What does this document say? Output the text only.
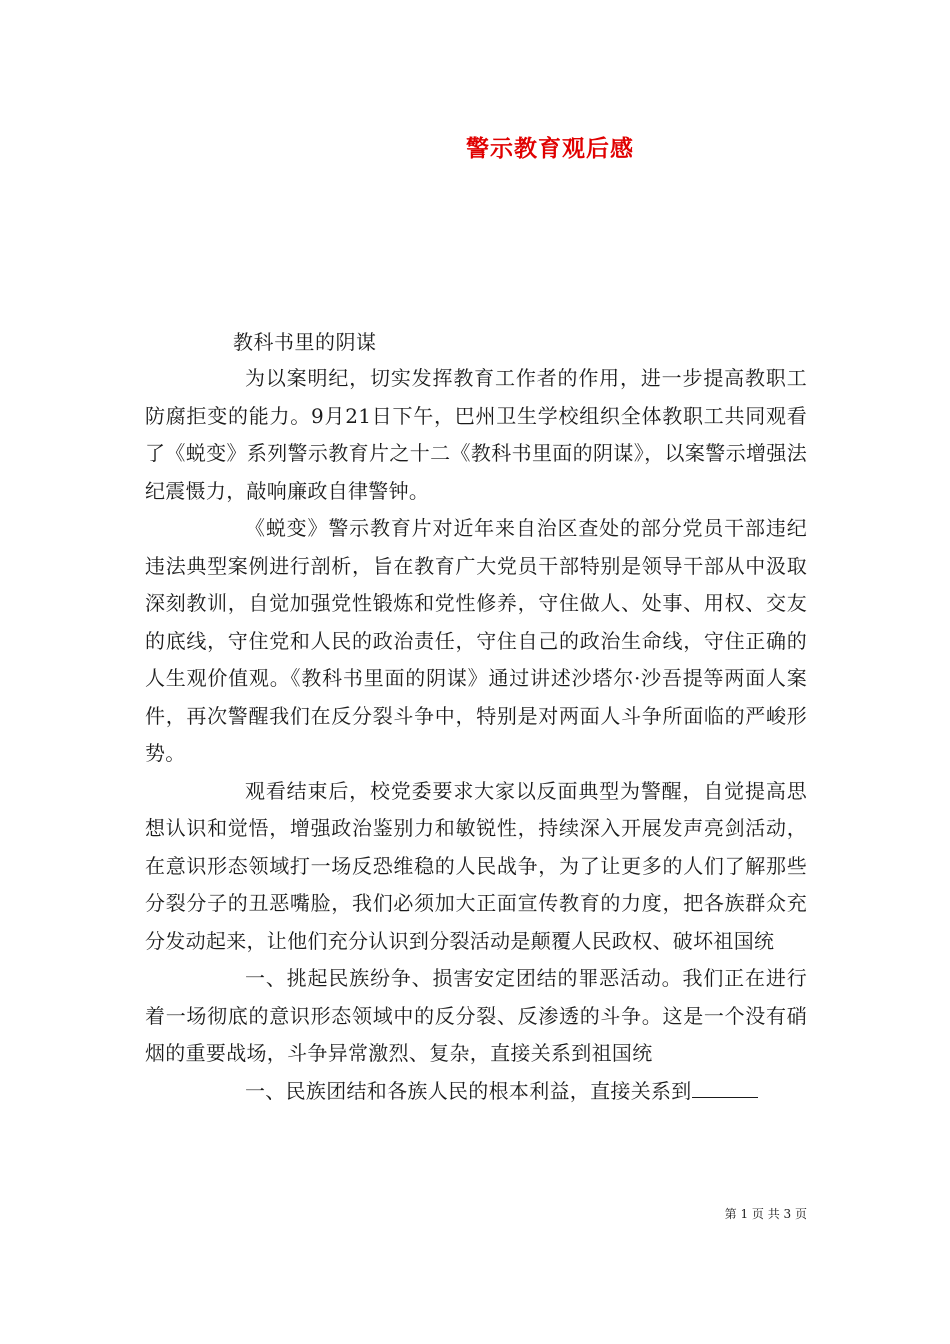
警示教育观后感
教科书里的阴谋

为以案明纪，切实发挥教育工作者的作用，进一步提高教职工防腐拒变的能力。9月21日下午，巴州卫生学校组织全体教职工共同观看了《蜕变》系列警示教育片之十二《教科书里面的阴谋》，以案警示增强法纪震慑力，敲响廉政自律警钟。

《蜕变》警示教育片对近年来自治区查处的部分党员干部违纪违法典型案例进行剖析，旨在教育广大党员干部特别是领导干部从中汲取深刻教训，自觉加强党性锻炼和党性修养，守住做人、处事、用权、交友的底线，守住党和人民的政治责任，守住自己的政治生命线，守住正确的人生观价值观。《教科书里面的阴谋》通过讲述沙塔尔·沙吾提等两面人案件，再次警醒我们在反分裂斗争中，特别是对两面人斗争所面临的严峻形势。

观看结束后，校党委要求大家以反面典型为警醒，自觉提高思想认识和觉悟，增强政治鉴别力和敏锐性，持续深入开展发声亮剑活动，在意识形态领域打一场反恐维稳的人民战争，为了让更多的人们了解那些分裂分子的丑恶嘴脸，我们必须加大正面宣传教育的力度，把各族群众充分发动起来，让他们充分认识到分裂活动是颠覆人民政权、破坏祖国统

一、挑起民族纷争、损害安定团结的罪恶活动。我们正在进行着一场彻底的意识形态领域中的反分裂、反渗透的斗争。这是一个没有硝烟的重要战场，斗争异常激烈、复杂，直接关系到祖国统

一、民族团结和各族人民的根本利益，直接关系到

第 1 页 共 3 页
